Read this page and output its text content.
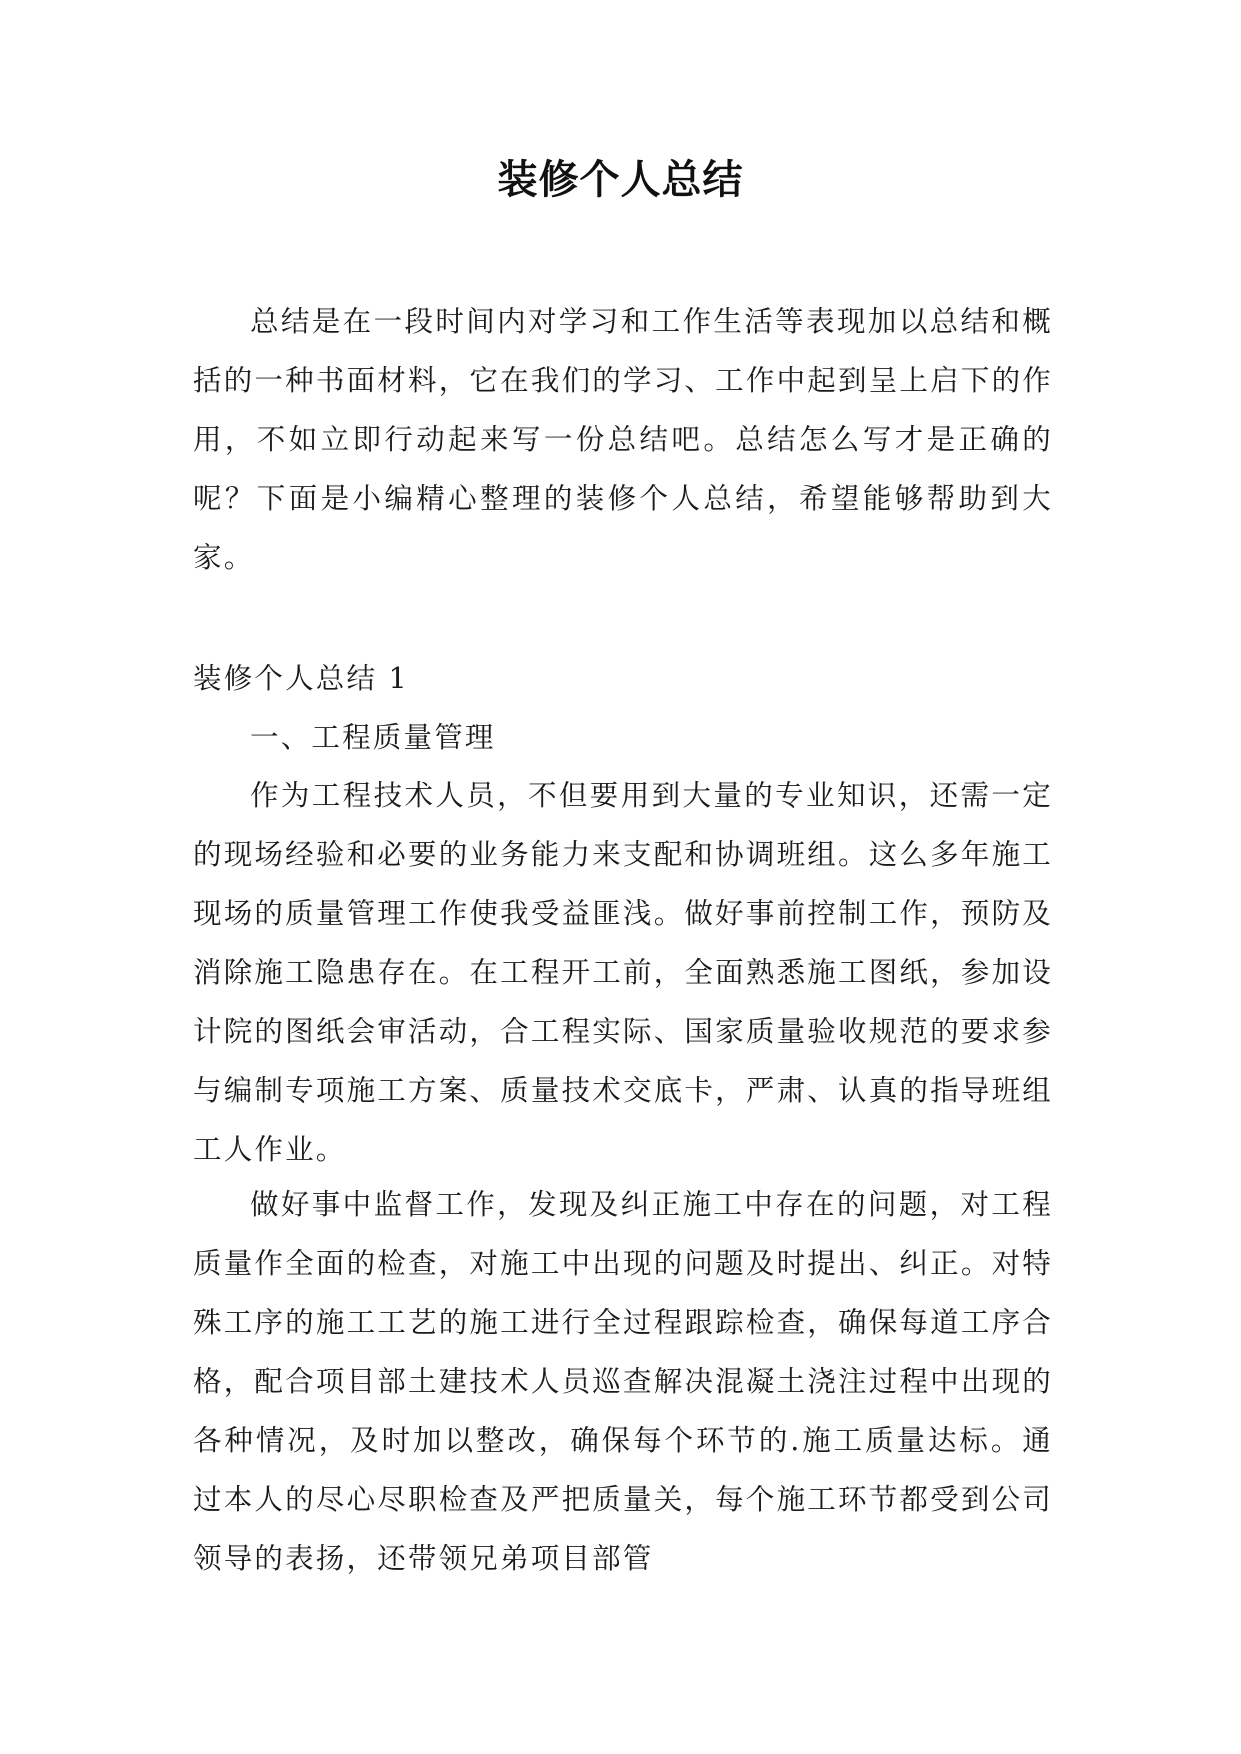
装修个人总结

总结是在一段时间内对学习和工作生活等表现加以总结和概括的一种书面材料，它在我们的学习、工作中起到呈上启下的作用，不如立即行动起来写一份总结吧。总结怎么写才是正确的呢？下面是小编精心整理的装修个人总结，希望能够帮助到大家。

装修个人总结 1

一、工程质量管理

作为工程技术人员，不但要用到大量的专业知识，还需一定的现场经验和必要的业务能力来支配和协调班组。这么多年施工现场的质量管理工作使我受益匪浅。做好事前控制工作，预防及消除施工隐患存在。在工程开工前，全面熟悉施工图纸，参加设计院的图纸会审活动，合工程实际、国家质量验收规范的要求参与编制专项施工方案、质量技术交底卡，严肃、认真的指导班组工人作业。

做好事中监督工作，发现及纠正施工中存在的问题，对工程质量作全面的检查，对施工中出现的问题及时提出、纠正。对特殊工序的施工工艺的施工进行全过程跟踪检查，确保每道工序合格，配合项目部土建技术人员巡查解决混凝土浇注过程中出现的各种情况，及时加以整改，确保每个环节的.施工质量达标。通过本人的尽心尽职检查及严把质量关，每个施工环节都受到公司领导的表扬，还带领兄弟项目部管
